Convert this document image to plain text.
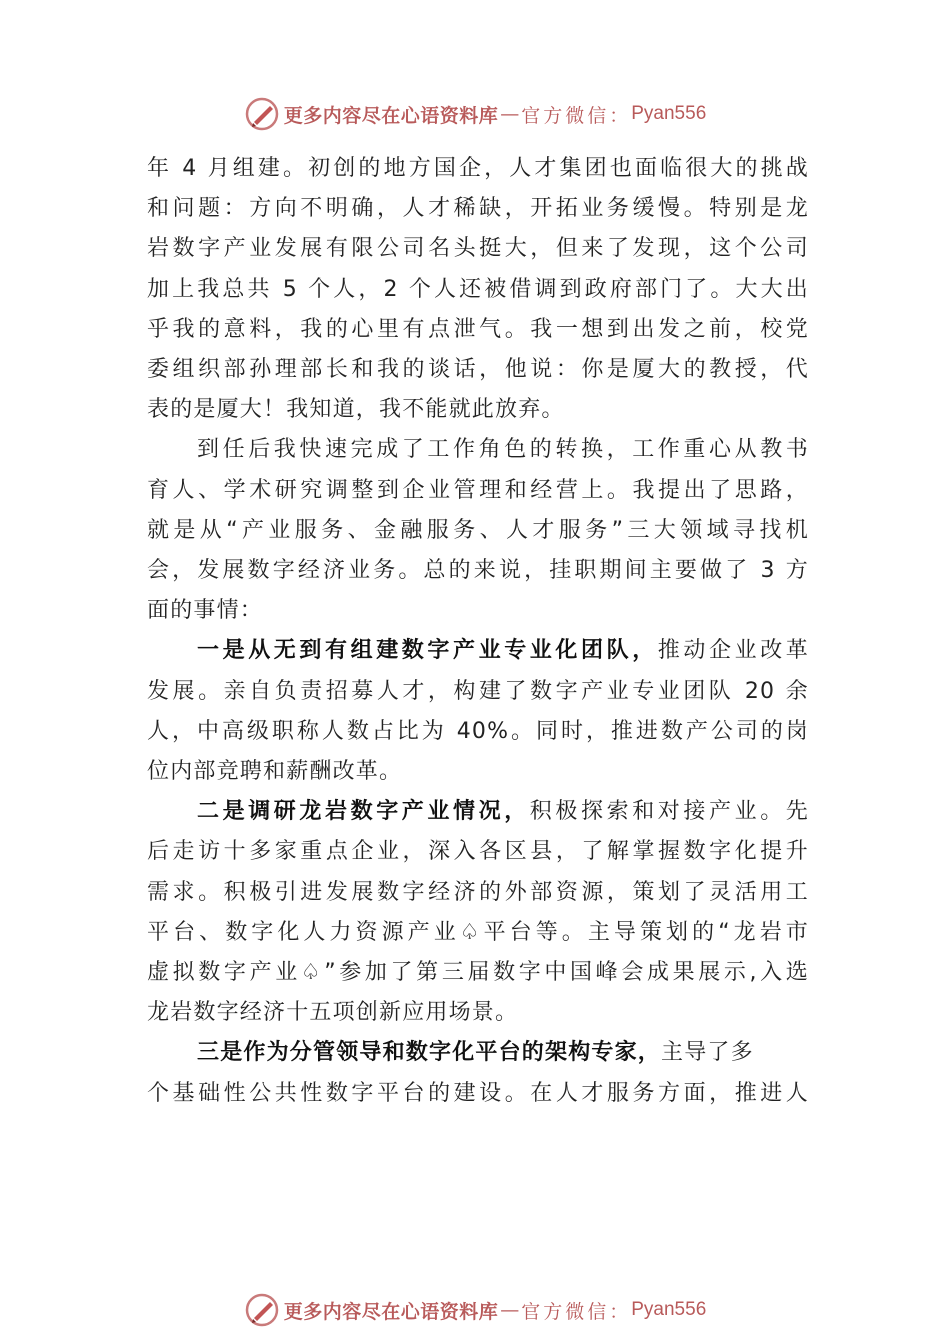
更多内容尽在心语资料库 — 官方微信： Pyan556
年 4 月组建。初创的地方国企，人才集团也面临很大的挑战
和问题：方向不明确，人才稀缺，开拓业务缓慢。特别是龙
岩数字产业发展有限公司名头挺大，但来了发现，这个公司
加上我总共 5 个人，2 个人还被借调到政府部门了。大大出
乎我的意料，我的心里有点泄气。我一想到出发之前，校党
委组织部孙理部长和我的谈话，他说：你是厦大的教授，代
表的是厦大！我知道，我不能就此放弃。
到任后我快速完成了工作角色的转换，工作重心从教书
育人、学术研究调整到企业管理和经营上。我提出了思路，
就是从“产业服务、金融服务、人才服务”三大领域寻找机
会，发展数字经济业务。总的来说，挂职期间主要做了 3 方
面的事情：
一是从无到有组建数字产业专业化团队，推动企业改革
发展。亲自负责招募人才，构建了数字产业专业团队 20 余
人，中高级职称人数占比为 40%。同时，推进数产公司的岗
位内部竞聘和薪酬改革。
二是调研龙岩数字产业情况，积极探索和对接产业。先
后走访十多家重点企业，深入各区县，了解掌握数字化提升
需求。积极引进发展数字经济的外部资源，策划了灵活用工
平台、数字化人力资源产业♤平台等。主导策划的“龙岩市
虚拟数字产业♤”参加了第三届数字中国峰会成果展示,入选
龙岩数字经济十五项创新应用场景。
三是作为分管领导和数字化平台的架构专家，主导了多
个基础性公共性数字平台的建设。在人才服务方面，推进人
更多内容尽在心语资料库 — 官方微信： Pyan556
